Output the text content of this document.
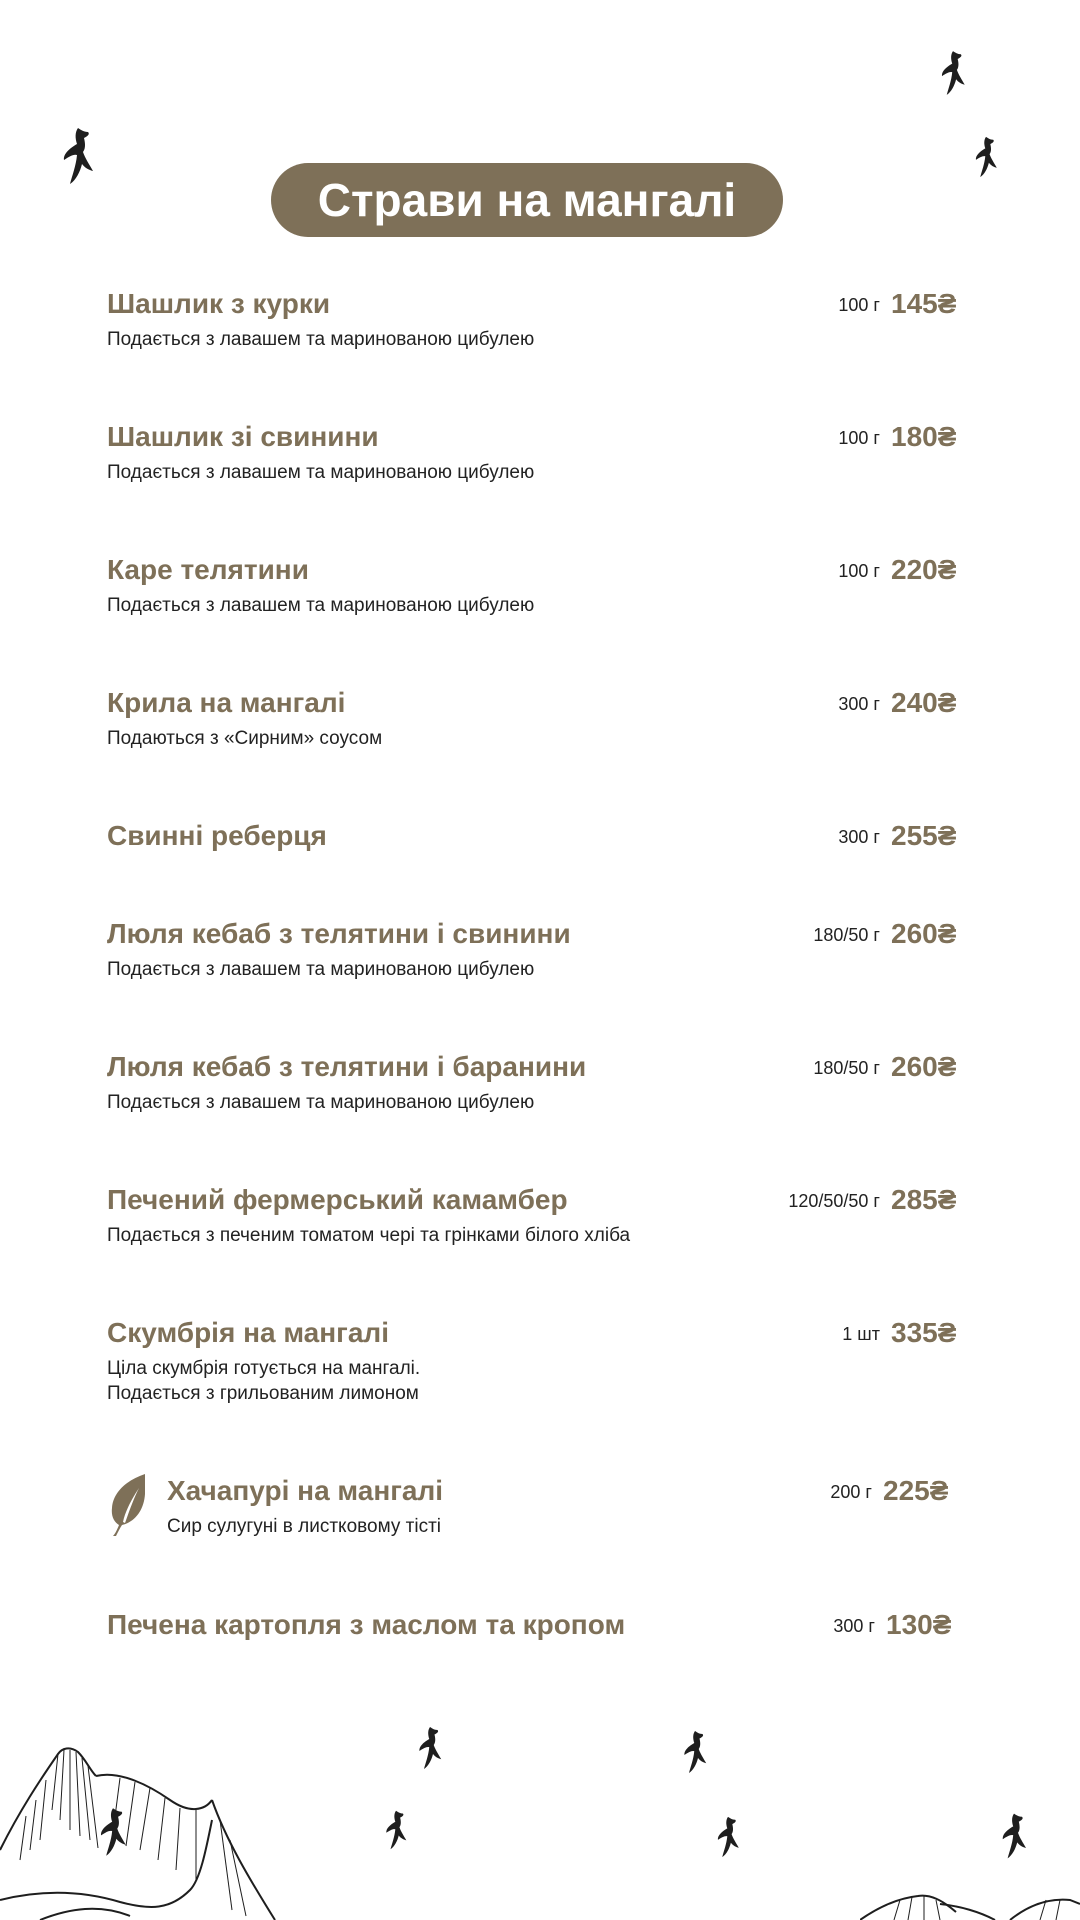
Страви на мангалі
Шашлик з курки
Подається з лавашем та маринованою цибулею
100 г 145₴
Шашлик зі свинини
Подається з лавашем та маринованою цибулею
100 г 180₴
Каре телятини
Подається з лавашем та маринованою цибулею
100 г 220₴
Крила на мангалі
Подаються з «Сирним» соусом
300 г 240₴
Свинні реберця	300 г 255₴
Люля кебаб з телятини і свинини
Подається з лавашем та маринованою цибулею
180/50 г 260₴
Люля кебаб з телятини і баранини
Подається з лавашем та маринованою цибулею
180/50 г 260₴
Печений фермерський камамбер
Подається з печеним томатом черi та грінками білого хліба
120/50/50 г 285₴
Скумбрія на мангалі
Ціла скумбрія готується на мангалі.
Подається з грильованим лимоном
1 шт 335₴
Хачапурі на мангалі
Сир сулугуні в листковому тісті
200 г 225₴
Печена картопля з маслом та кропом	300 г 130₴
